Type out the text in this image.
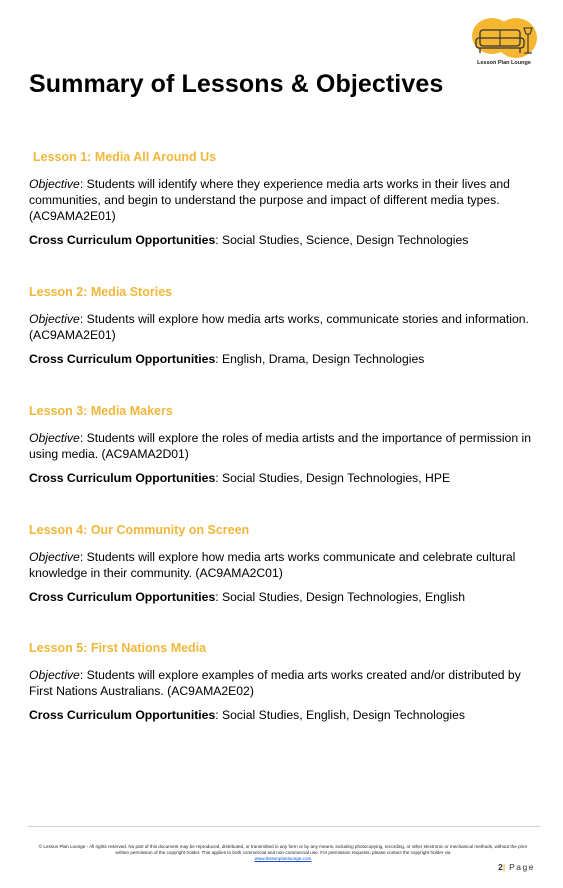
Lesson Plan Lounge
Summary of Lessons & Objectives

Lesson 1: Media All Around Us

Objective: Students will identify where they experience media arts works in their lives and communities, and begin to understand the purpose and impact of different media types. (AC9AMA2E01)

Cross Curriculum Opportunities: Social Studies, Science, Design Technologies

Lesson 2: Media Stories

Objective: Students will explore how media arts works, communicate stories and information. (AC9AMA2E01)

Cross Curriculum Opportunities: English, Drama, Design Technologies

Lesson 3: Media Makers

Objective: Students will explore the roles of media artists and the importance of permission in using media. (AC9AMA2D01)

Cross Curriculum Opportunities: Social Studies, Design Technologies, HPE

Lesson 4: Our Community on Screen

Objective: Students will explore how media arts works communicate and celebrate cultural knowledge in their community. (AC9AMA2C01)

Cross Curriculum Opportunities: Social Studies, Design Technologies, English

Lesson 5: First Nations Media

Objective: Students will explore examples of media arts works created and/or distributed by First Nations Australians. (AC9AMA2E02)

Cross Curriculum Opportunities: Social Studies, English, Design Technologies

© Lesson Plan Lounge - All rights reserved. No part of this document may be reproduced, distributed, or transmitted in any form or by any means, including photocopying, recording, or other electronic or mechanical methods, without the prior written permission of the copyright holder. This applies to both commercial and non-commercial use. For permission requests, please contact the copyright holder via
www.lessonplanlounge.com
2| Page
